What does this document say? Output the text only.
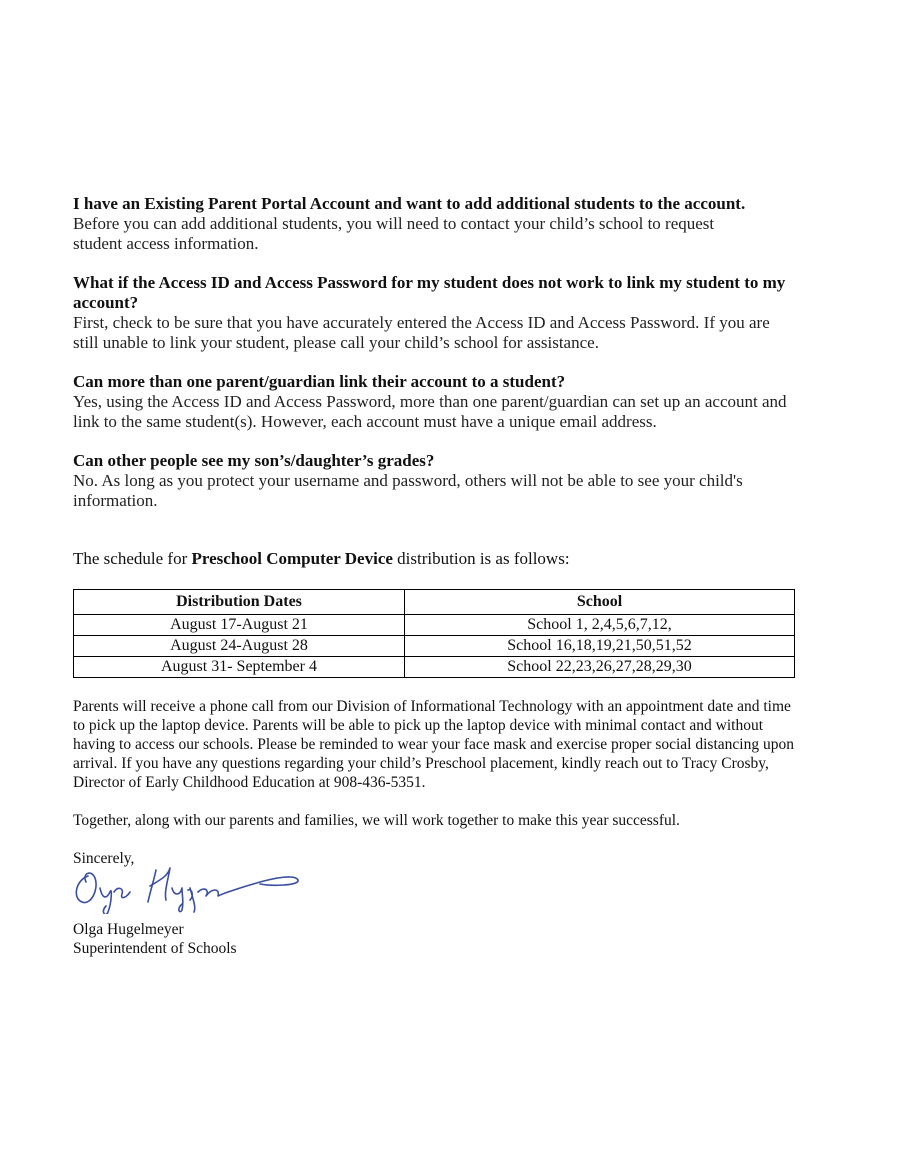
I have an Existing Parent Portal Account and want to add additional students to the account.
Before you can add additional students, you will need to contact your child’s school to request
student access information.
What if the Access ID and Access Password for my student does not work to link my student to my
account?
First, check to be sure that you have accurately entered the Access ID and Access Password. If you are
still unable to link your student, please call your child’s school for assistance.
Can more than one parent/guardian link their account to a student?
Yes, using the Access ID and Access Password, more than one parent/guardian can set up an account and
link to the same student(s). However, each account must have a unique email address.
Can other people see my son’s/daughter’s grades?
No. As long as you protect your username and password, others will not be able to see your child's
information.
The schedule for Preschool Computer Device distribution is as follows:
Distribution Dates	School
August 17-August 21	School 1, 2,4,5,6,7,12,
August 24-August 28	School 16,18,19,21,50,51,52
August 31- September 4	School 22,23,26,27,28,29,30

Parents will receive a phone call from our Division of Informational Technology with an appointment date and time
to pick up the laptop device. Parents will be able to pick up the laptop device with minimal contact and without
having to access our schools. Please be reminded to wear your face mask and exercise proper social distancing upon
arrival. If you have any questions regarding your child’s Preschool placement, kindly reach out to Tracy Crosby,
Director of Early Childhood Education at 908-436-5351.

Together, along with our parents and families, we will work together to make this year successful.

Sincerely,

Olga Hugelmeyer
Superintendent of Schools
